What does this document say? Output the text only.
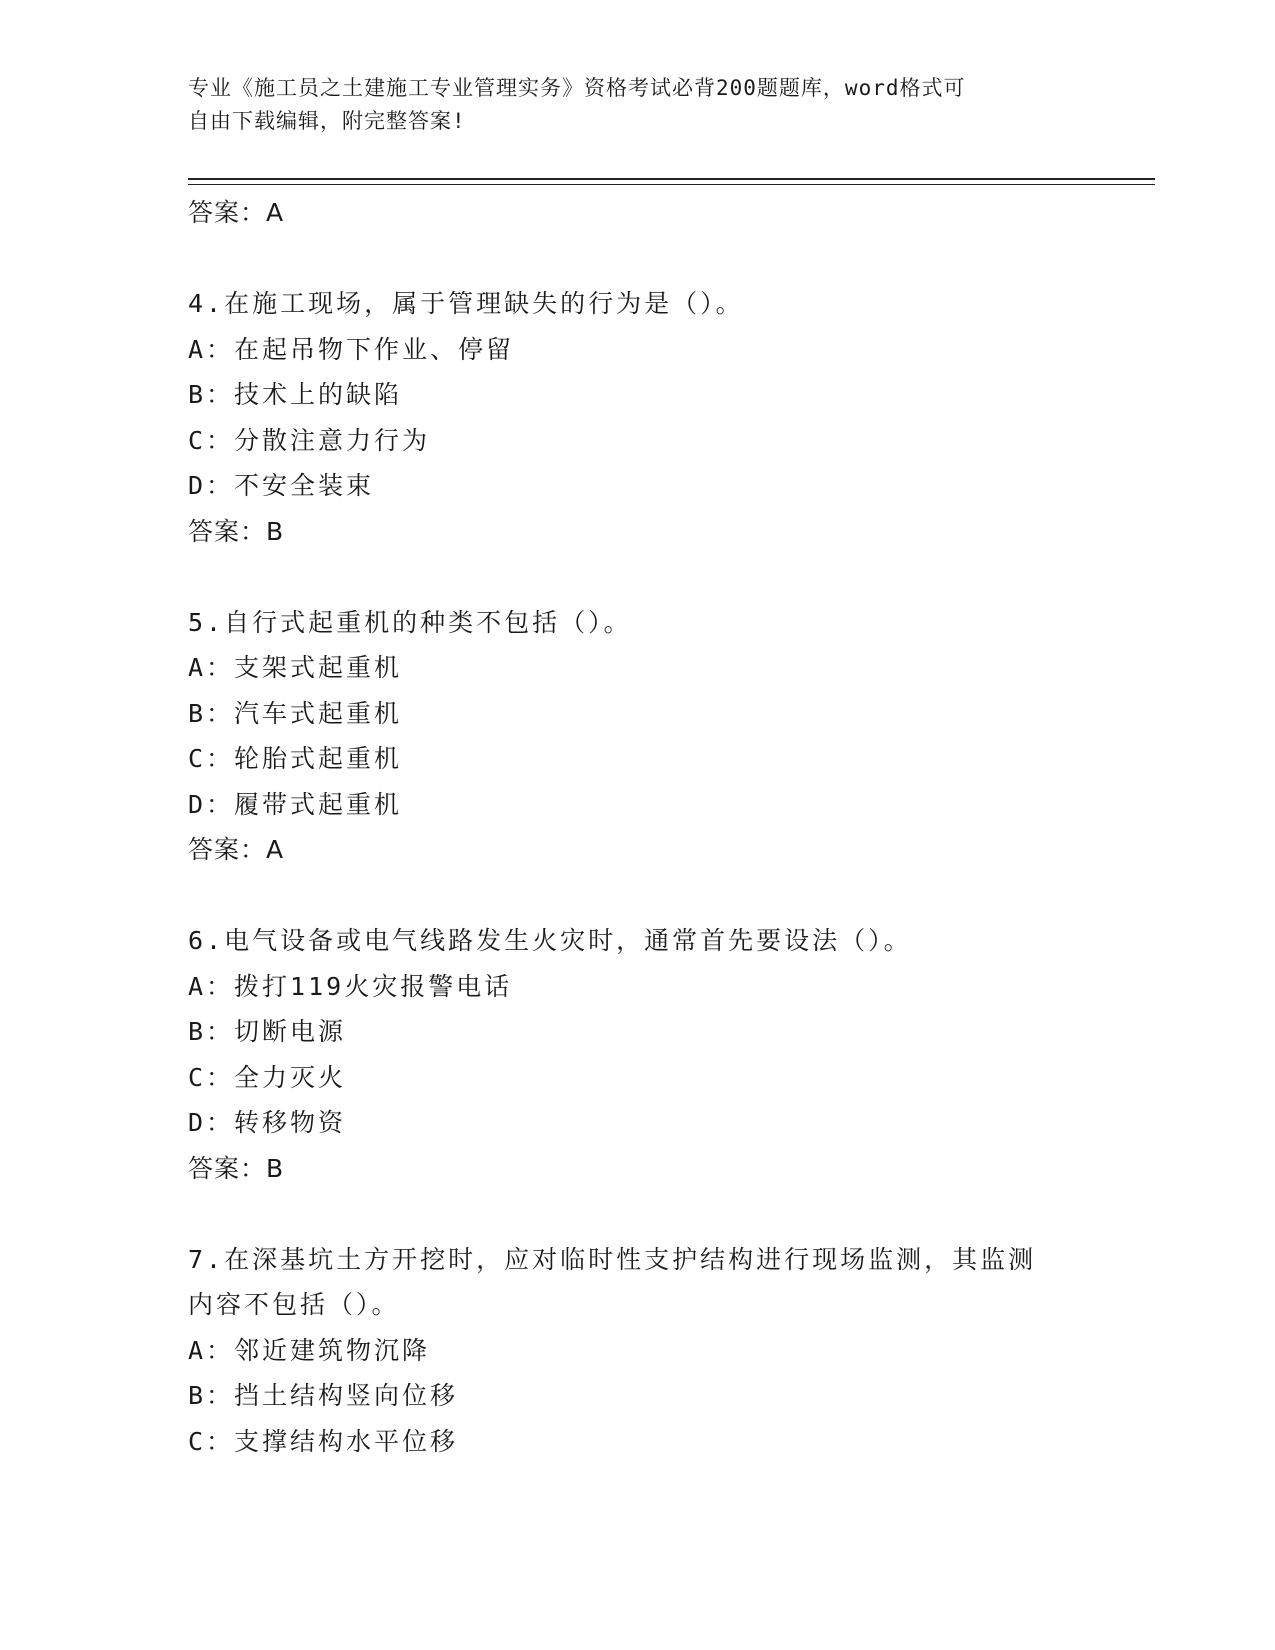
专业《施工员之土建施工专业管理实务》资格考试必背200题题库，word格式可
自由下载编辑，附完整答案!
答案：A
4.在施工现场，属于管理缺失的行为是（）。
A：在起吊物下作业、停留
B：技术上的缺陷
C：分散注意力行为
D：不安全装束
答案：B
5.自行式起重机的种类不包括（）。
A：支架式起重机
B：汽车式起重机
C：轮胎式起重机
D：履带式起重机
答案：A
6.电气设备或电气线路发生火灾时，通常首先要设法（）。
A：拨打119火灾报警电话
B：切断电源
C：全力灭火
D：转移物资
答案：B
7.在深基坑土方开挖时，应对临时性支护结构进行现场监测，其监测
内容不包括（）。
A：邻近建筑物沉降
B：挡土结构竖向位移
C：支撑结构水平位移
